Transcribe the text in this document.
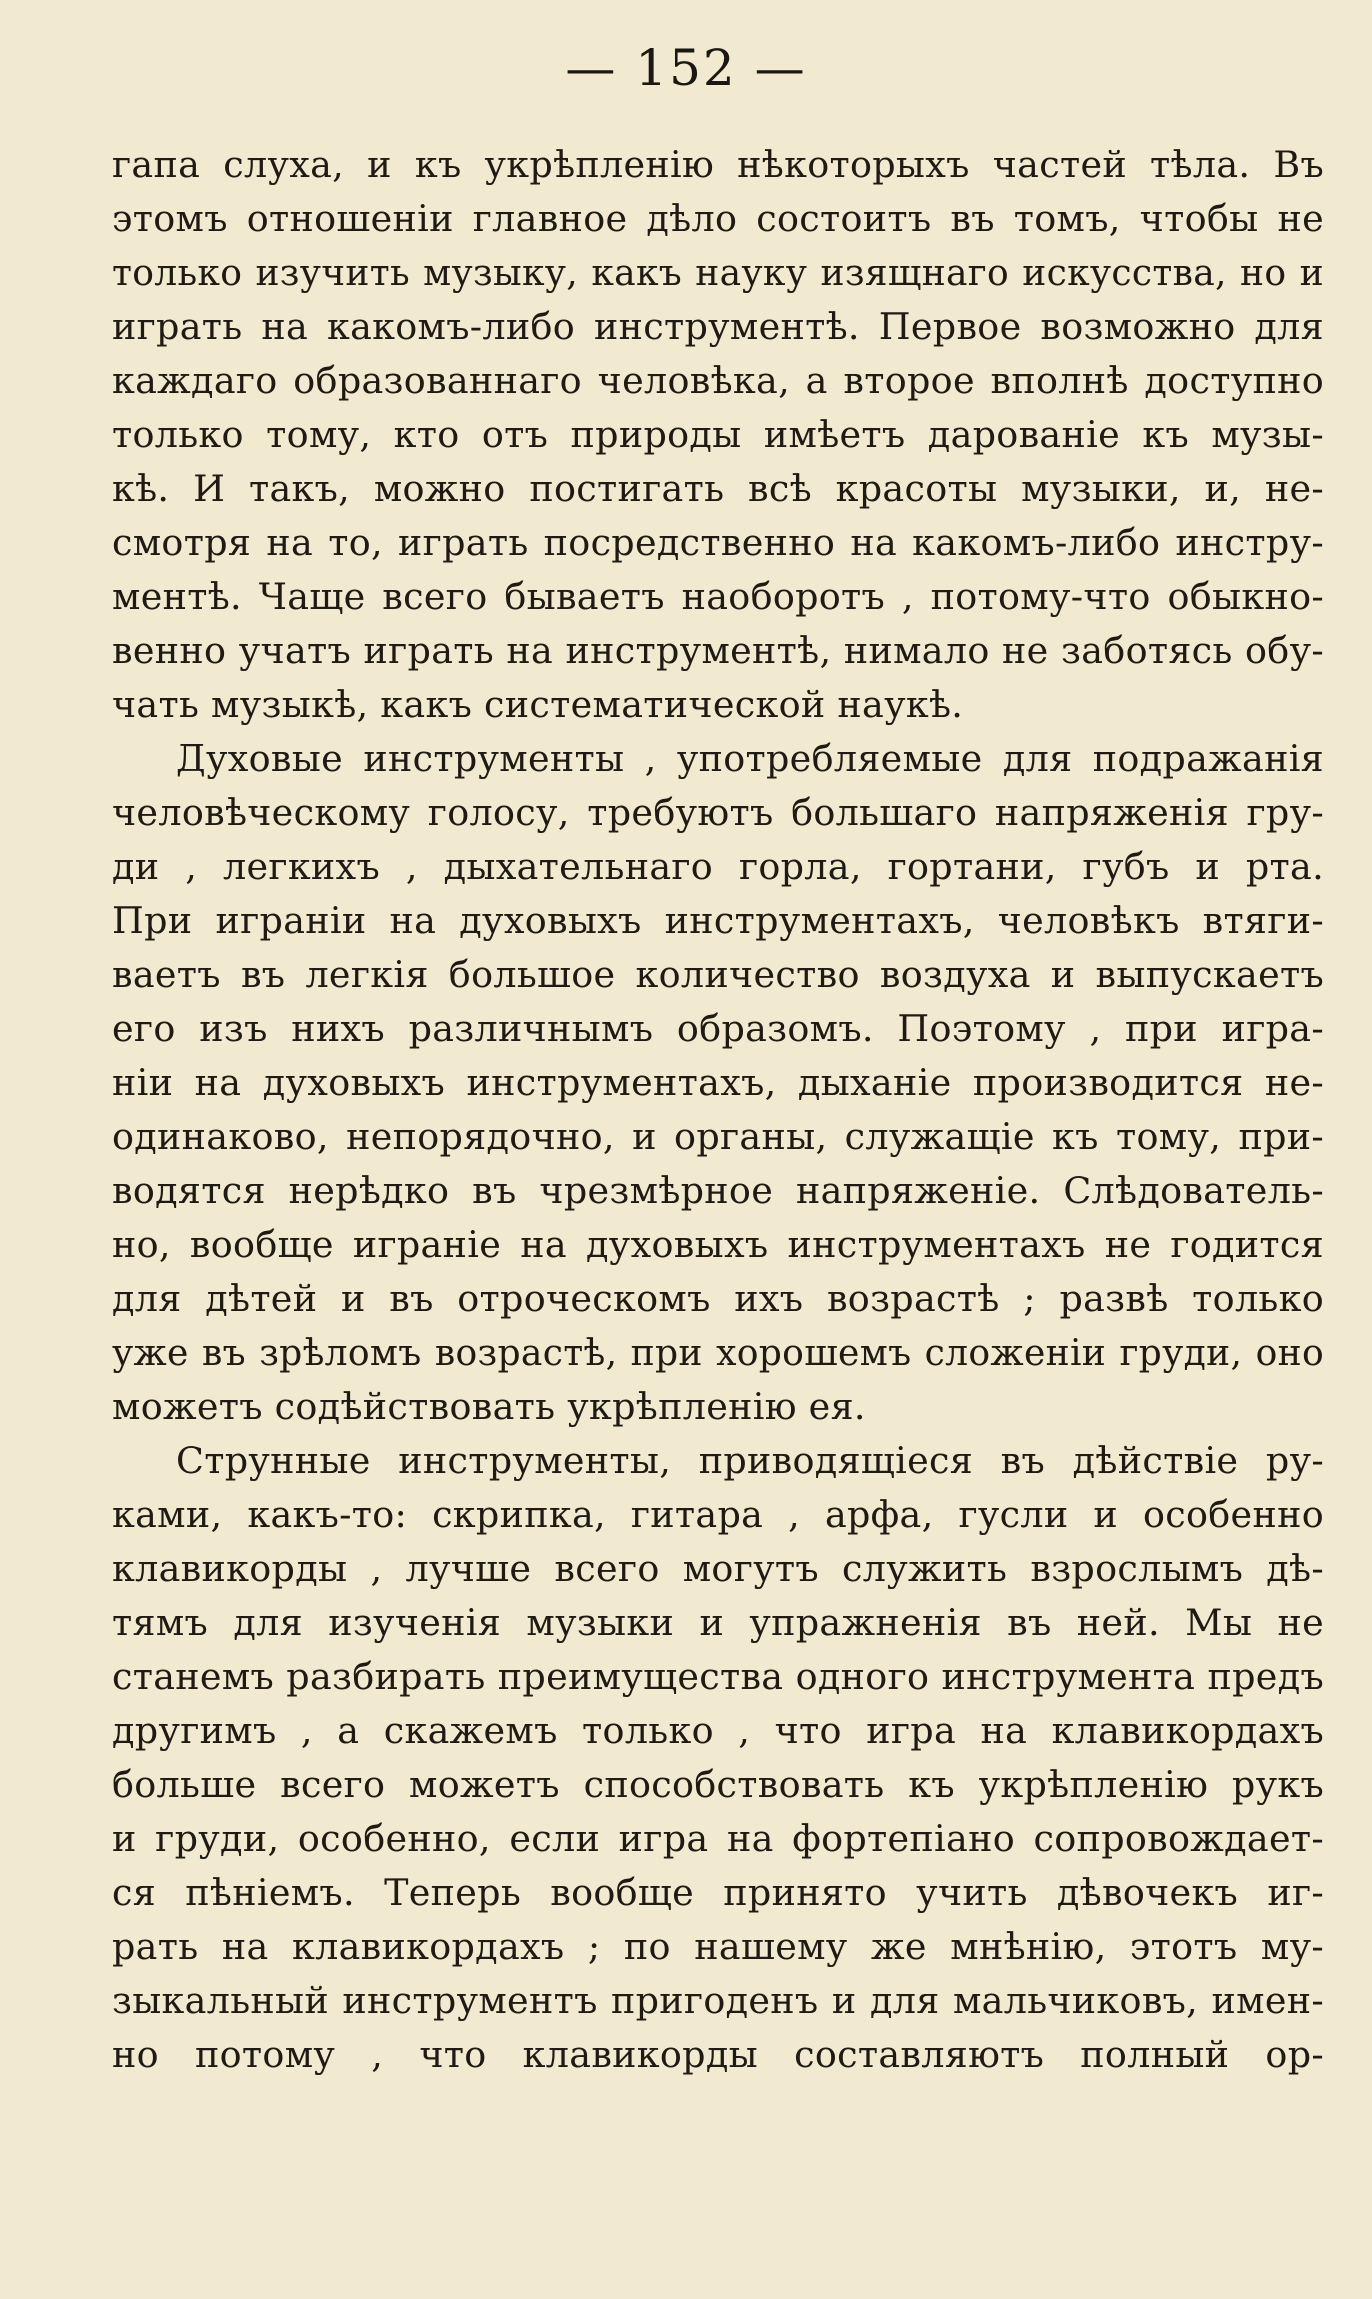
— 152 —
гапа слуха, и къ укрѣпленію нѣкоторыхъ частей тѣла. Въ
этомъ отношеніи главное дѣло состоитъ въ томъ, чтобы не
только изучить музыку, какъ науку изящнаго искусства, но и
играть на какомъ-либо инструментѣ. Первое возможно для
каждаго образованнаго человѣка, а второе вполнѣ доступно
только тому, кто отъ природы имѣетъ дарованіе къ музы-
кѣ. И такъ, можно постигать всѣ красоты музыки, и, не-
смотря на то, играть посредственно на какомъ-либо инстру-
ментѣ. Чаще всего бываетъ наоборотъ , потому-что обыкно-
венно учатъ играть на инструментѣ, нимало не заботясь обу-
чать музыкѣ, какъ систематической наукѣ.
Духовые инструменты , употребляемые для подражанія
человѣческому голосу, требуютъ большаго напряженія гру-
ди , легкихъ , дыхательнаго горла, гортани, губъ и рта.
При играніи на духовыхъ инструментахъ, человѣкъ втяги-
ваетъ въ легкія большое количество воздуха и выпускаетъ
его изъ нихъ различнымъ образомъ. Поэтому , при игра-
ніи на духовыхъ инструментахъ, дыханіе производится не-
одинаково, непорядочно, и органы, служащіе къ тому, при-
водятся нерѣдко въ чрезмѣрное напряженіе. Слѣдователь-
но, вообще играніе на духовыхъ инструментахъ не годится
для дѣтей и въ отроческомъ ихъ возрастѣ ; развѣ только
уже въ зрѣломъ возрастѣ, при хорошемъ сложеніи груди, оно
можетъ содѣйствовать укрѣпленію ея.
Струнные инструменты, приводящіеся въ дѣйствіе ру-
ками, какъ-то: скрипка, гитара , арфа, гусли и особенно
клавикорды , лучше всего могутъ служить взрослымъ дѣ-
тямъ для изученія музыки и упражненія въ ней. Мы не
станемъ разбирать преимущества одного инструмента предъ
другимъ , а скажемъ только , что игра на клавикордахъ
больше всего можетъ способствовать къ укрѣпленію рукъ
и груди, особенно, если игра на фортепіано сопровождает-
ся пѣніемъ. Теперь вообще принято учить дѣвочекъ иг-
рать на клавикордахъ ; по нашему же мнѣнію, этотъ му-
зыкальный инструментъ пригоденъ и для мальчиковъ, имен-
но потому , что клавикорды составляютъ полный ор-
